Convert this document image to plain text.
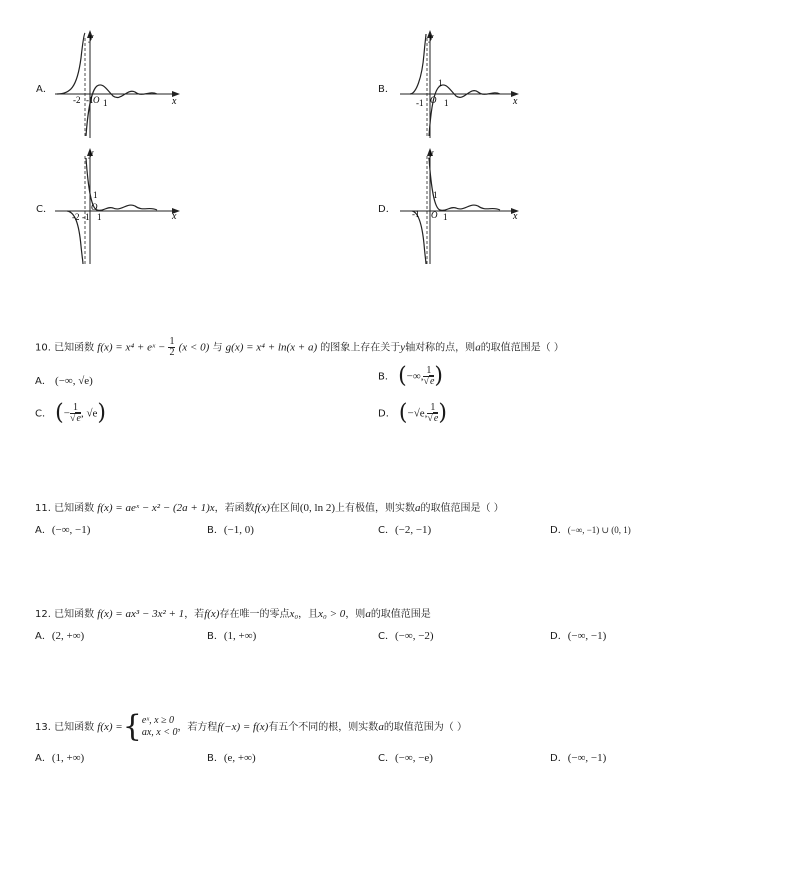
A．
y
x
-2 -1 O 1
B．
y
x
-1 O 1
1
C．
y
x
-2 -1
O
1
1
D．
y
x
-1 O 1
1
10. 已知函数 f(x) = x⁴ + eˣ − $\frac{1}{2} (x < 0)$ 与 g(x) = x⁴ + ln(x + a) 的图象上存在关于y轴对称的点，则a的取值范围是（ ）
A． (−∞, √e)	B． (−∞, $\frac{1}{√e}$ )
C． (− $\frac{1}{√e}$ , √e)	D． (−√e, $\frac{1}{√e}$ )
11. 已知函数 f(x) = aeˣ − x² − (2a + 1)x，若函数f(x)在区间(0, ln 2)上有极值，则实数a的取值范围是（ ）
A．(−∞, −1)	B．(−1, 0)	C．(−2, −1)	D．(−∞, −1) ∪ (0, 1)
12. 已知函数 f(x) = ax³ − 3x² + 1，若f(x)存在唯一的零点x₀，且x₀ > 0，则a的取值范围是
A．(2, +∞)	B．(1, +∞)	C．(−∞, −2)	D．(−∞, −1)
13. 已知函数 f(x) ={ eˣ, x ≥ 0
ax, x < 0 ，若方程f(−x) = f(x)有五个不同的根，则实数a的取值范围为（ ）
A．(1, +∞)	B．(e, +∞)	C．(−∞, −e)	D．(−∞, −1)
